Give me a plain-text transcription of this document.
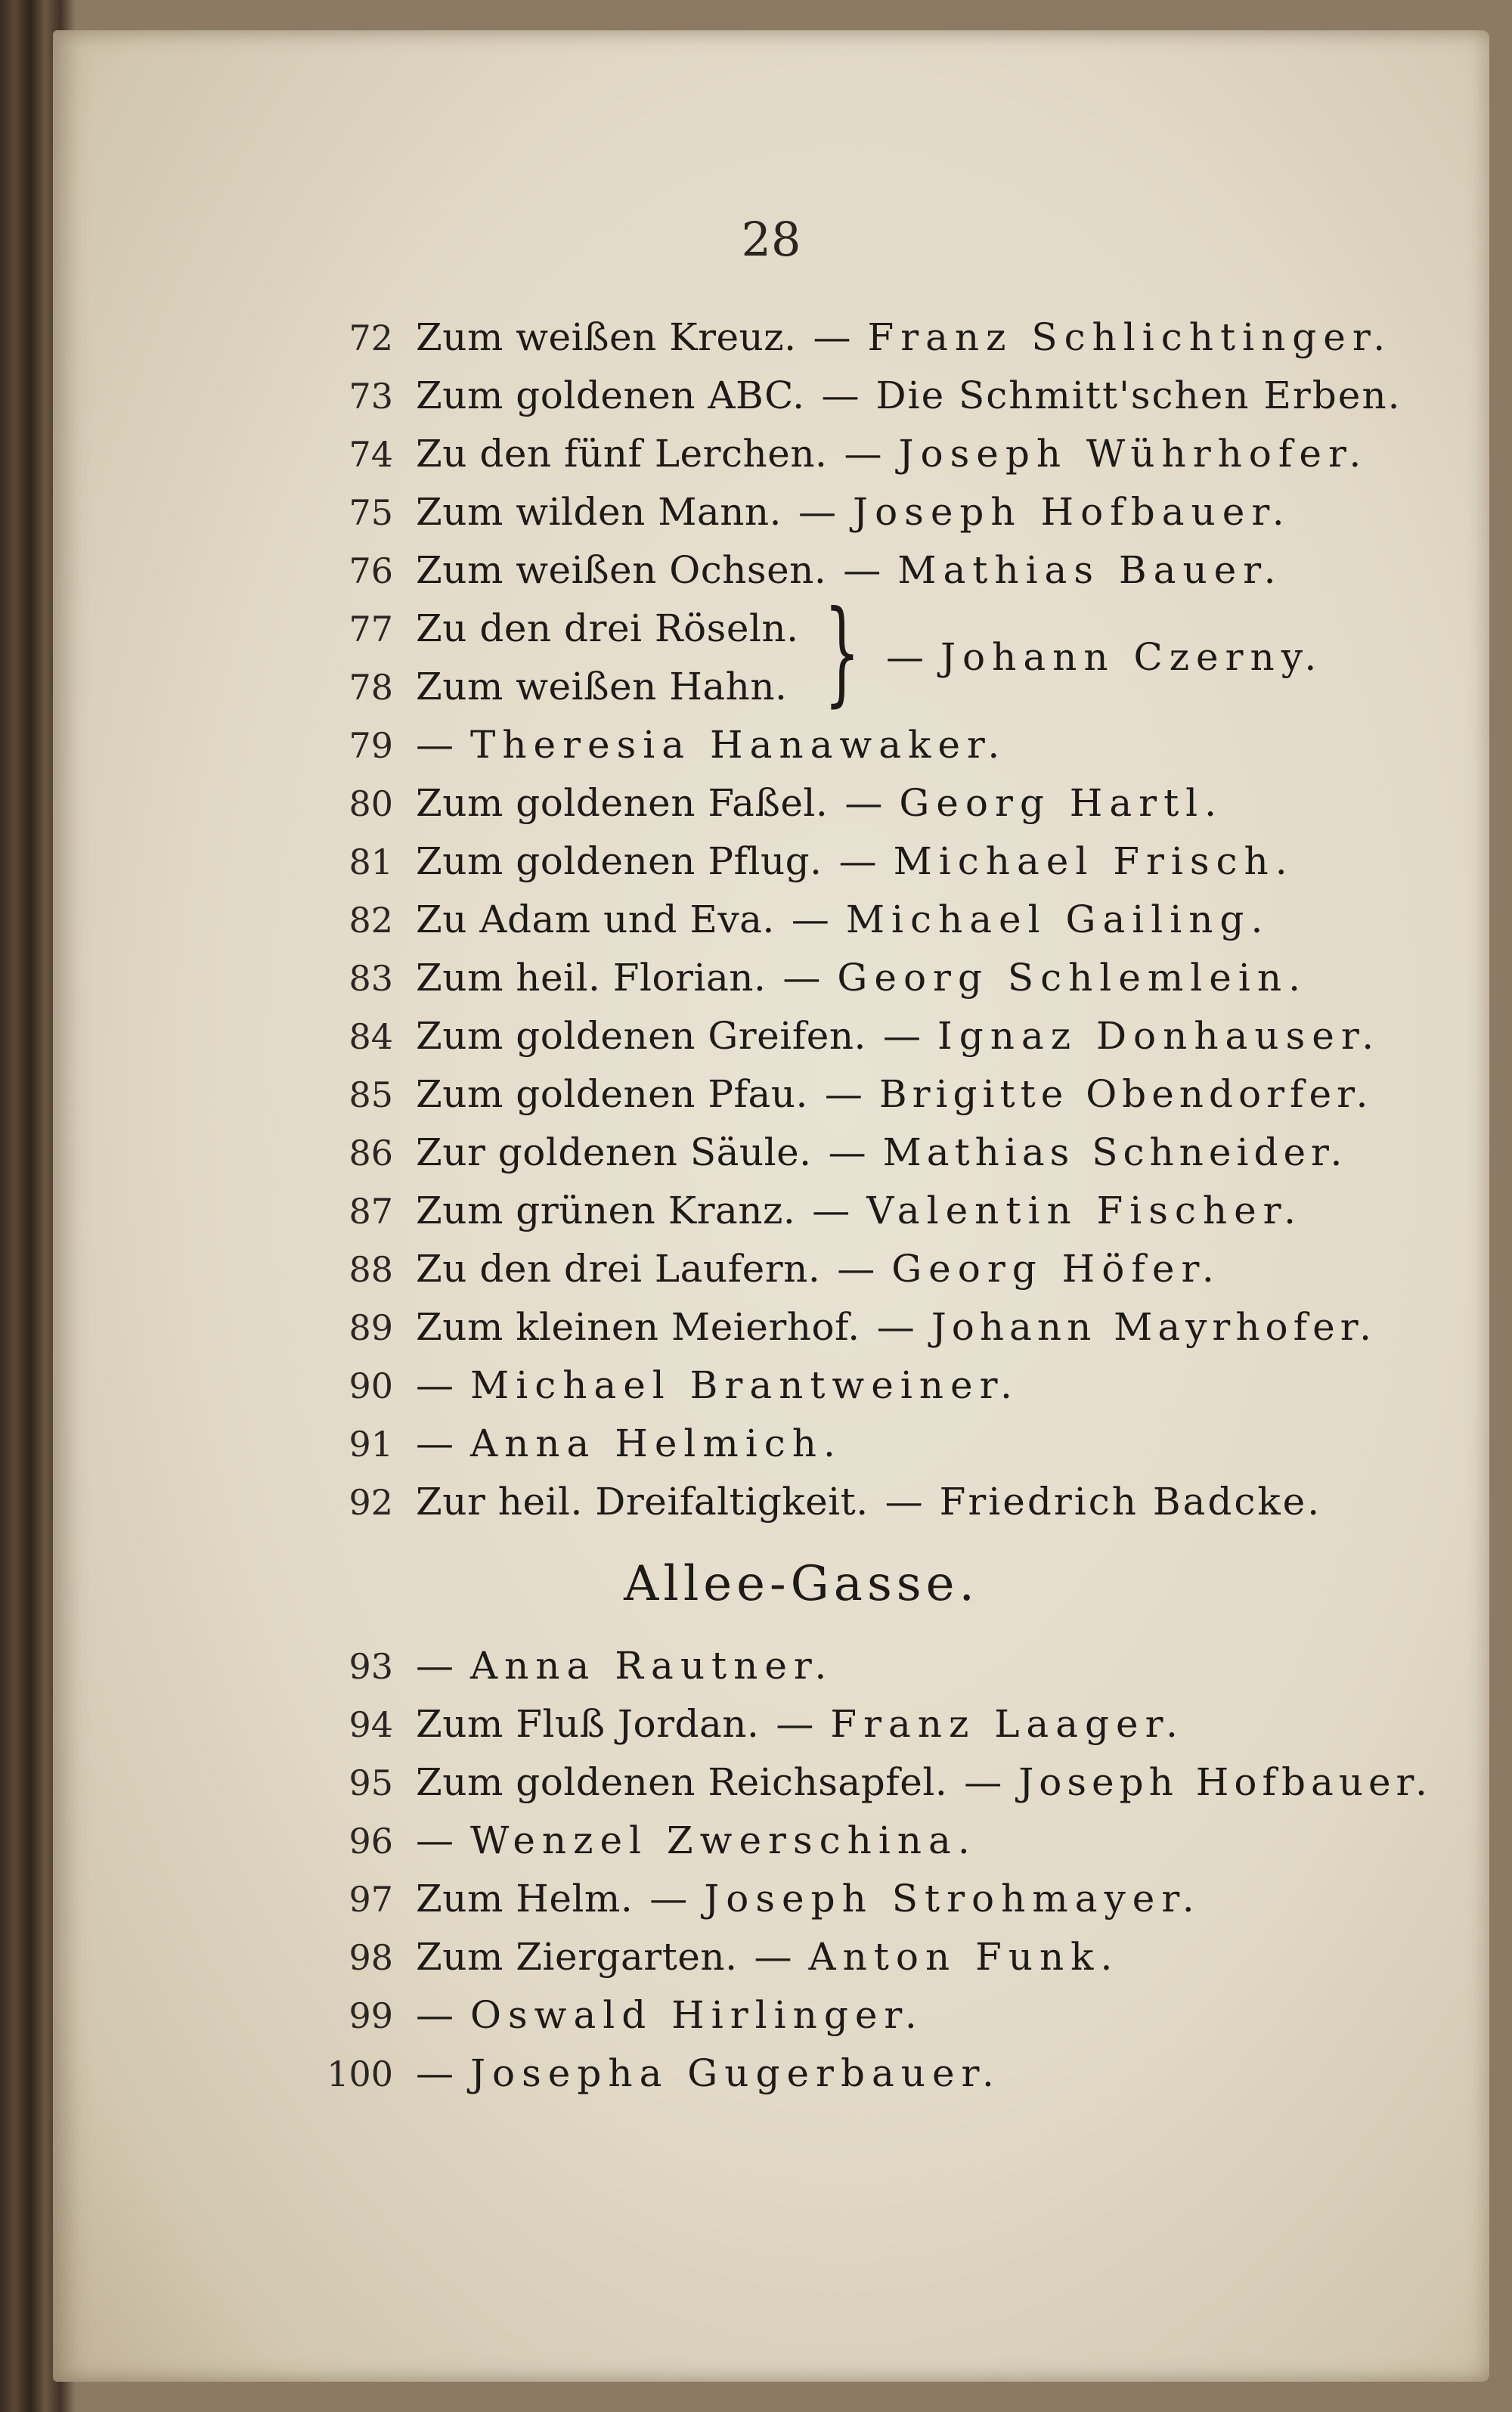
28
72 Zum weißen Kreuz. — Franz Schlichtinger.
73 Zum goldenen ABC. — Die Schmitt'schen Erben.
74 Zu den fünf Lerchen. — Joseph Wührhofer.
75 Zum wilden Mann. — Joseph Hofbauer.
76 Zum weißen Ochsen. — Mathias Bauer.
77 Zu den drei Röseln.
78 Zum weißen Hahn. } — Johann Czerny.
79 — Theresia Hanawaker.
80 Zum goldenen Faßel. — Georg Hartl.
81 Zum goldenen Pflug. — Michael Frisch.
82 Zu Adam und Eva. — Michael Gailing.
83 Zum heil. Florian. — Georg Schlemlein.
84 Zum goldenen Greifen. — Ignaz Donhauser.
85 Zum goldenen Pfau. — Brigitte Obendorfer.
86 Zur goldenen Säule. — Mathias Schneider.
87 Zum grünen Kranz. — Valentin Fischer.
88 Zu den drei Laufern. — Georg Höfer.
89 Zum kleinen Meierhof. — Johann Mayrhofer.
90 — Michael Brantweiner.
91 — Anna Helmich.
92 Zur heil. Dreifaltigkeit. — Friedrich Badcke.
Allee-Gasse.
93 — Anna Rautner.
94 Zum Fluß Jordan. — Franz Laager.
95 Zum goldenen Reichsapfel. — Joseph Hofbauer.
96 — Wenzel Zwerschina.
97 Zum Helm. — Joseph Strohmayer.
98 Zum Ziergarten. — Anton Funk.
99 — Oswald Hirlinger.
100 — Josepha Gugerbauer.
